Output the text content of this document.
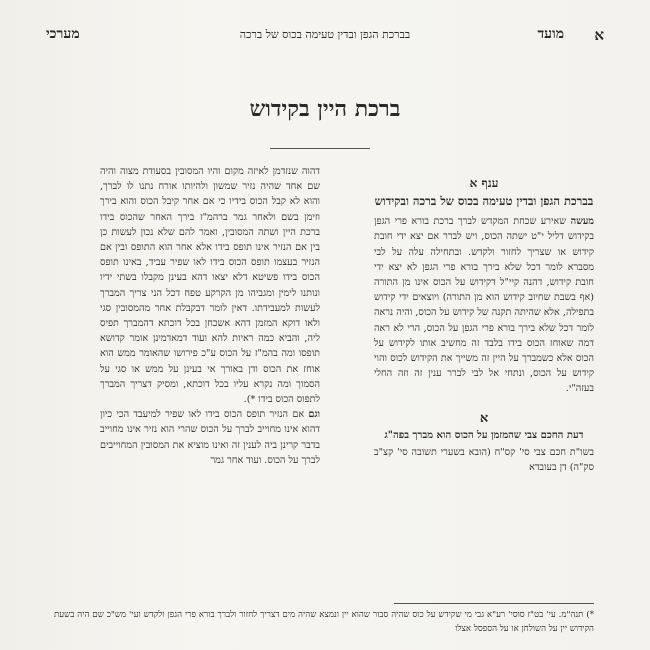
א
מועד
בברכת הגפן ובדין טעימה בכוס של ברכה
מערכי
ברכת היין בקידוש
ענף א
בברכת הגפן ובדין טעימה בכוס של ברכה ובקידוש

מעשה שאירע שכחת המקדש לברך ברכת בורא פרי הגפן בקידוש דליל י"ט ישתה הכוס, ויש לברר אם יצא ידי חובת קידוש או שצריך לחזור ולקדש. ובתחילה עלה על לבי מסברא לומר דכל שלא בירך בורא פרי הגפן לא יצא ידי חובת קידוש, דהנה קיי"ל דקידוש על הכוס אינו מן התורה (אף בשבת שחיוב קידוש הוא מן התורה) ויוצאים ידי קידוש בתפילה, אלא שהיתה תקנה של קידוש על הכוס, והיה נראה לומר דכל שלא בירך בורא פרי הגפן על הכוס, הרי לא ראה דמה שאוחז הכוס בידו בלבד זה מחשיב אותו לקידוש על הכוס אלא כשמברך על היין זה משייך את הקידוש לכוס והוי קידוש על הכוס, ונתחי אל לבי לברר ענין זה וזה החלי בעזה"י.

א
דעת החכם צבי שהמזמן על הכוס הוא מברך בפה"ג

בשו"ת חכם צבי סי' קס"ח (הובא בשערי תשובה סי' קצ"ב סק"ה) דן בעובדא

דהוה שנזדמן לאיזה מקום והיו המסובין בסעודת מצוה והיה שם אחד שהיה נזיר שמשון ולהיותו אורח נתנו לו לברך, והוא לא קבל הכוס בידיו כי אם אחר קיבל הכוס והוא בירך וזימן בשם ולאחר גמר ברהמ"ז בירך האחר שהכוס בידו ברכת היין ושתה המסובין, ואמר להם שלא נכון לעשות כן בין אם הנזיר אינו תופס בידו אלא אחר הוא התופס ובין אם הנזיר בעצמו תופס הכוס בידו לאו שפיר עביד, באינו תופס הכוס בידו פשיטא דלא יצאו דהא בעינן מקבלו בשתי ידיו ונותנו לימין ומגביהו מן הקרקע טפח דכל הני צריך המברך לעשות למעבידתו. דאין לומר דבקבלת אחר מהמסובין סגי ולאו דוקא המזמן דהא אשכחן בכל דוכתא דהמברך תפיס ליה, והביא כמה ראיות להא ועוד דמאדמינן אומר קדושא תופסו ומה בהמ"ז על הכוס ע"כ פירושו שהאומר ממש הוא אוחז את הכוס ודן באורך אי בעינן על ממש או סגי על הסמוך ומה נקרא עליו בכל דוכתא, ומסיק דצריך המברך לתפוס הכוס בידו *).

וגם אם הנזיר תופס הכוס בידו לאו שפיר למיעבד הכי כיון דהוא אינו מחוייב לברך על הכוס שהרי הוא נזיר אינו מחוייב בדבר קרינן ביה לענין זה ואינו מוציא את המסובין המחוייבים לברך על הכוס. ועוד אחר גמר

*) תנה"מ. עי' בט"ז סוסי' רע"א גבי מי שקידש על כוס שהיה סבור שהוא יין ונמצא שהיה מים דצריך לחזור ולברך בורא פרי הגפן ולקדש ועי' מש"כ שם היה בשעת הקידוש יין על השולחן או על הספסל אצלו
